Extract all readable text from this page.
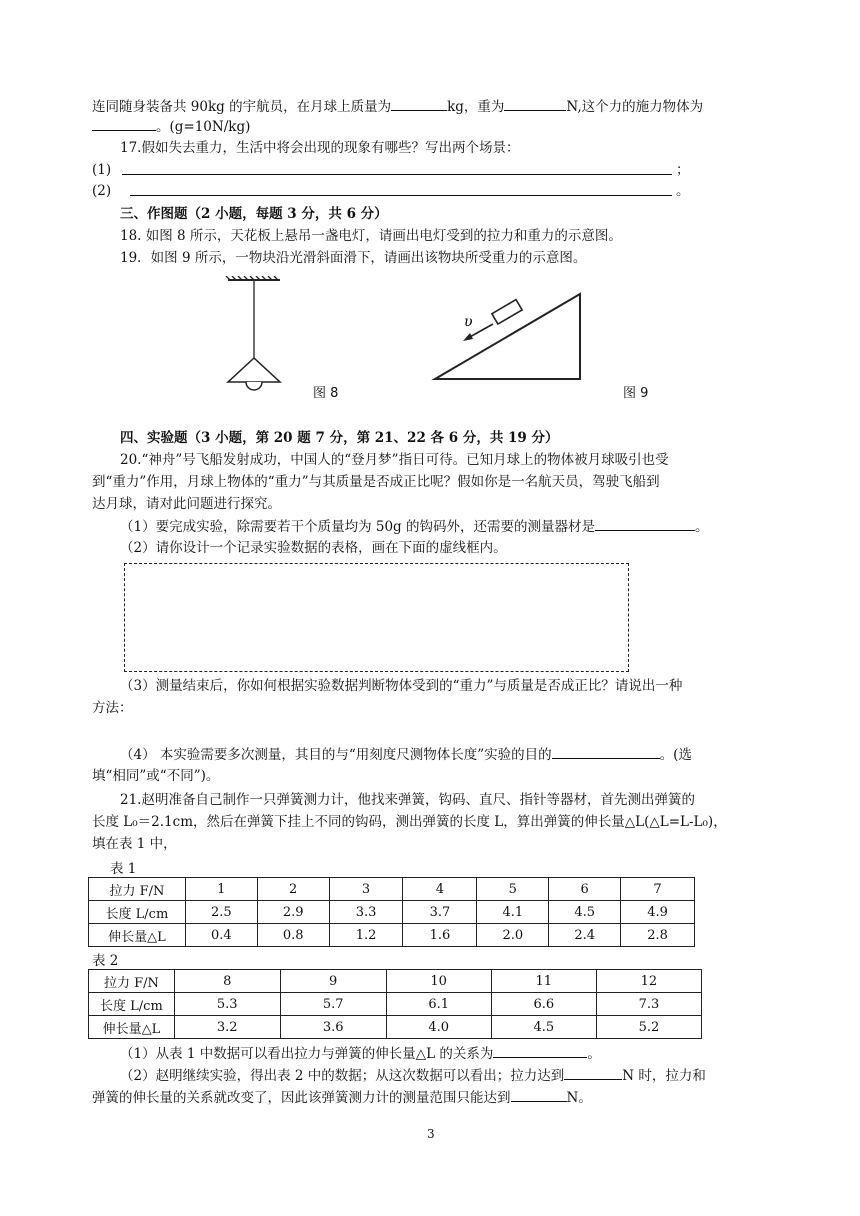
连同随身装备共 90kg 的宇航员，在月球上质量为	kg，重为	N,这个力的施力物体为
。(g=10N/kg)
17.假如失去重力，生活中将会出现的现象有哪些？写出两个场景：
(1)	；
(2)	。
三、作图题（2 小题，每题 3 分，共 6 分）
18. 如图 8 所示，天花板上悬吊一盏电灯，请画出电灯受到的拉力和重力的示意图。
19．如图 9 所示，一物块沿光滑斜面滑下，请画出该物块所受重力的示意图。
图 8
υ
图 9
四、实验题（3 小题，第 20 题 7 分，第 21、22 各 6 分，共 19 分）
20.“神舟”号飞船发射成功，中国人的“登月梦”指日可待。已知月球上的物体被月球吸引也受
到“重力”作用，月球上物体的“重力”与其质量是否成正比呢？假如你是一名航天员，驾驶飞船到
达月球，请对此问题进行探究。
（1）要完成实验，除需要若干个质量均为 50g 的钩码外，还需要的测量器材是	。
（2）请你设计一个记录实验数据的表格，画在下面的虚线框内。
（3）测量结束后，你如何根据实验数据判断物体受到的“重力”与质量是否成正比？请说出一种
方法：
（4） 本实验需要多次测量，其目的与“用刻度尺测物体长度”实验的目的	。(选
填“相同”或“不同”)。
21.赵明准备自己制作一只弹簧测力计，他找来弹簧，钩码、直尺、指针等器材，首先测出弹簧的
长度 L₀＝2.1cm，然后在弹簧下挂上不同的钩码，测出弹簧的长度 L，算出弹簧的伸长量△L(△L=L-L₀)，
填在表 1 中，
表 1
拉力 F/N	1	2	3	4	5	6	7
长度 L/cm	2.5	2.9	3.3	3.7	4.1	4.5	4.9
伸长量△L	0.4	0.8	1.2	1.6	2.0	2.4	2.8
表 2
拉力 F/N	8	9	10	11	12
长度 L/cm	5.3	5.7	6.1	6.6	7.3
伸长量△L	3.2	3.6	4.0	4.5	5.2
（1）从表 1 中数据可以看出拉力与弹簧的伸长量△L 的关系为	。
（2）赵明继续实验，得出表 2 中的数据；从这次数据可以看出；拉力达到	N 时，拉力和
弹簧的伸长量的关系就改变了，因此该弹簧测力计的测量范围只能达到	N。
3
